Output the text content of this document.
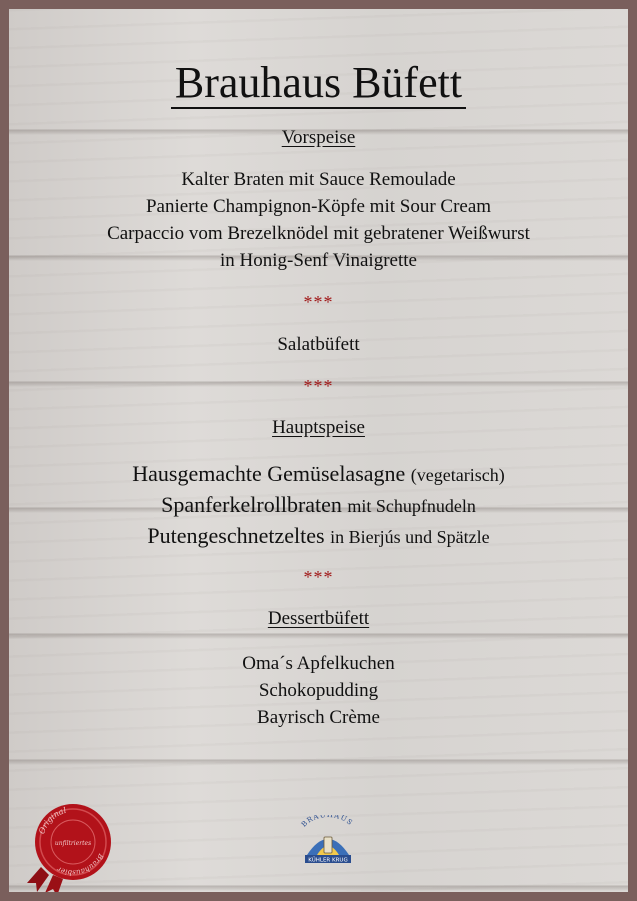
Brauhaus Büfett
Vorspeise
Kalter Braten mit Sauce Remoulade
Panierte Champignon-Köpfe mit Sour Cream
Carpaccio vom Brezelknödel mit gebratener Weißwurst
in Honig-Senf Vinaigrette
***
Salatbüfett
***
Hauptspeise
Hausgemachte Gemüselasagne (vegetarisch)
Spanferkelrollbraten mit Schupfnudeln
Putengeschnetzeltes in Bierjús und Spätzle
***
Dessertbüfett
Oma´s Apfelkuchen
Schokopudding
Bayrisch Crème
Original
Brauhausbier
unfiltriertes
BRAUHAUS
KÜHLER KRUG
